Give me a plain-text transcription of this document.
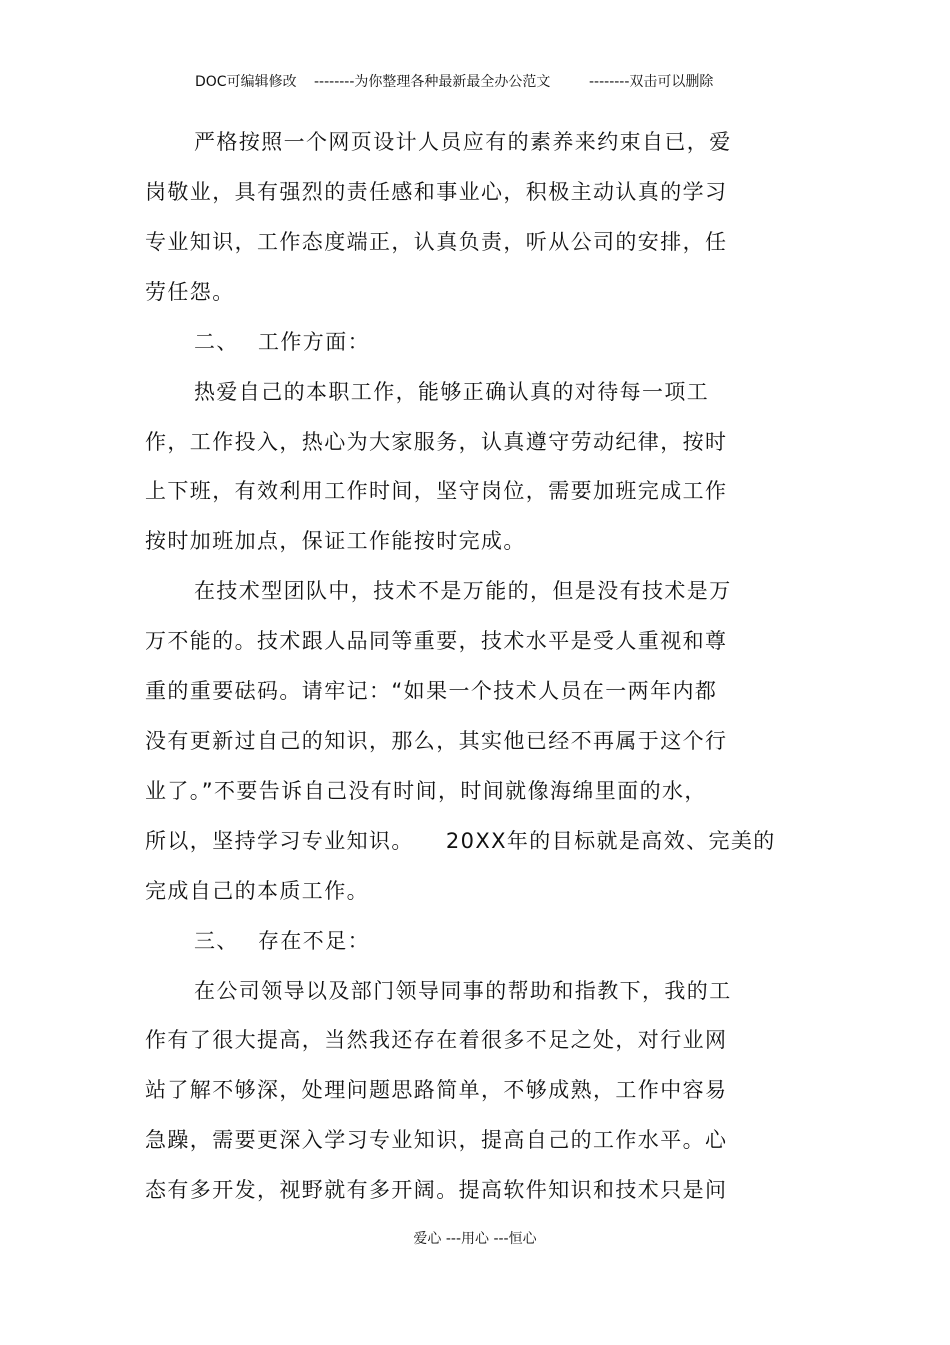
DOC可编辑修改 --------为你整理各种最新最全办公范文	--------双击可以删除
严格按照一个网页设计人员应有的素养来约束自已，爱
岗敬业，具有强烈的责任感和事业心，积极主动认真的学习
专业知识，工作态度端正，认真负责，听从公司的安排，任
劳任怨。
二、 工作方面：
热爱自己的本职工作，能够正确认真的对待每一项工
作，工作投入，热心为大家服务，认真遵守劳动纪律，按时
上下班，有效利用工作时间，坚守岗位，需要加班完成工作
按时加班加点，保证工作能按时完成。
在技术型团队中，技术不是万能的，但是没有技术是万
万不能的。技术跟人品同等重要，技术水平是受人重视和尊
重的重要砝码。请牢记：“如果一个技术人员在一两年内都
没有更新过自己的知识，那么，其实他已经不再属于这个行
业了。”不要告诉自己没有时间，时间就像海绵里面的水，
所以，坚持学习专业知识。 20XX年的目标就是高效、完美的
完成自己的本质工作。
三、 存在不足：
在公司领导以及部门领导同事的帮助和指教下，我的工
作有了很大提高，当然我还存在着很多不足之处，对行业网
站了解不够深，处理问题思路简单，不够成熟，工作中容易
急躁，需要更深入学习专业知识，提高自己的工作水平。心
态有多开发，视野就有多开阔。提高软件知识和技术只是问
爱心 ---用心 ---恒心
